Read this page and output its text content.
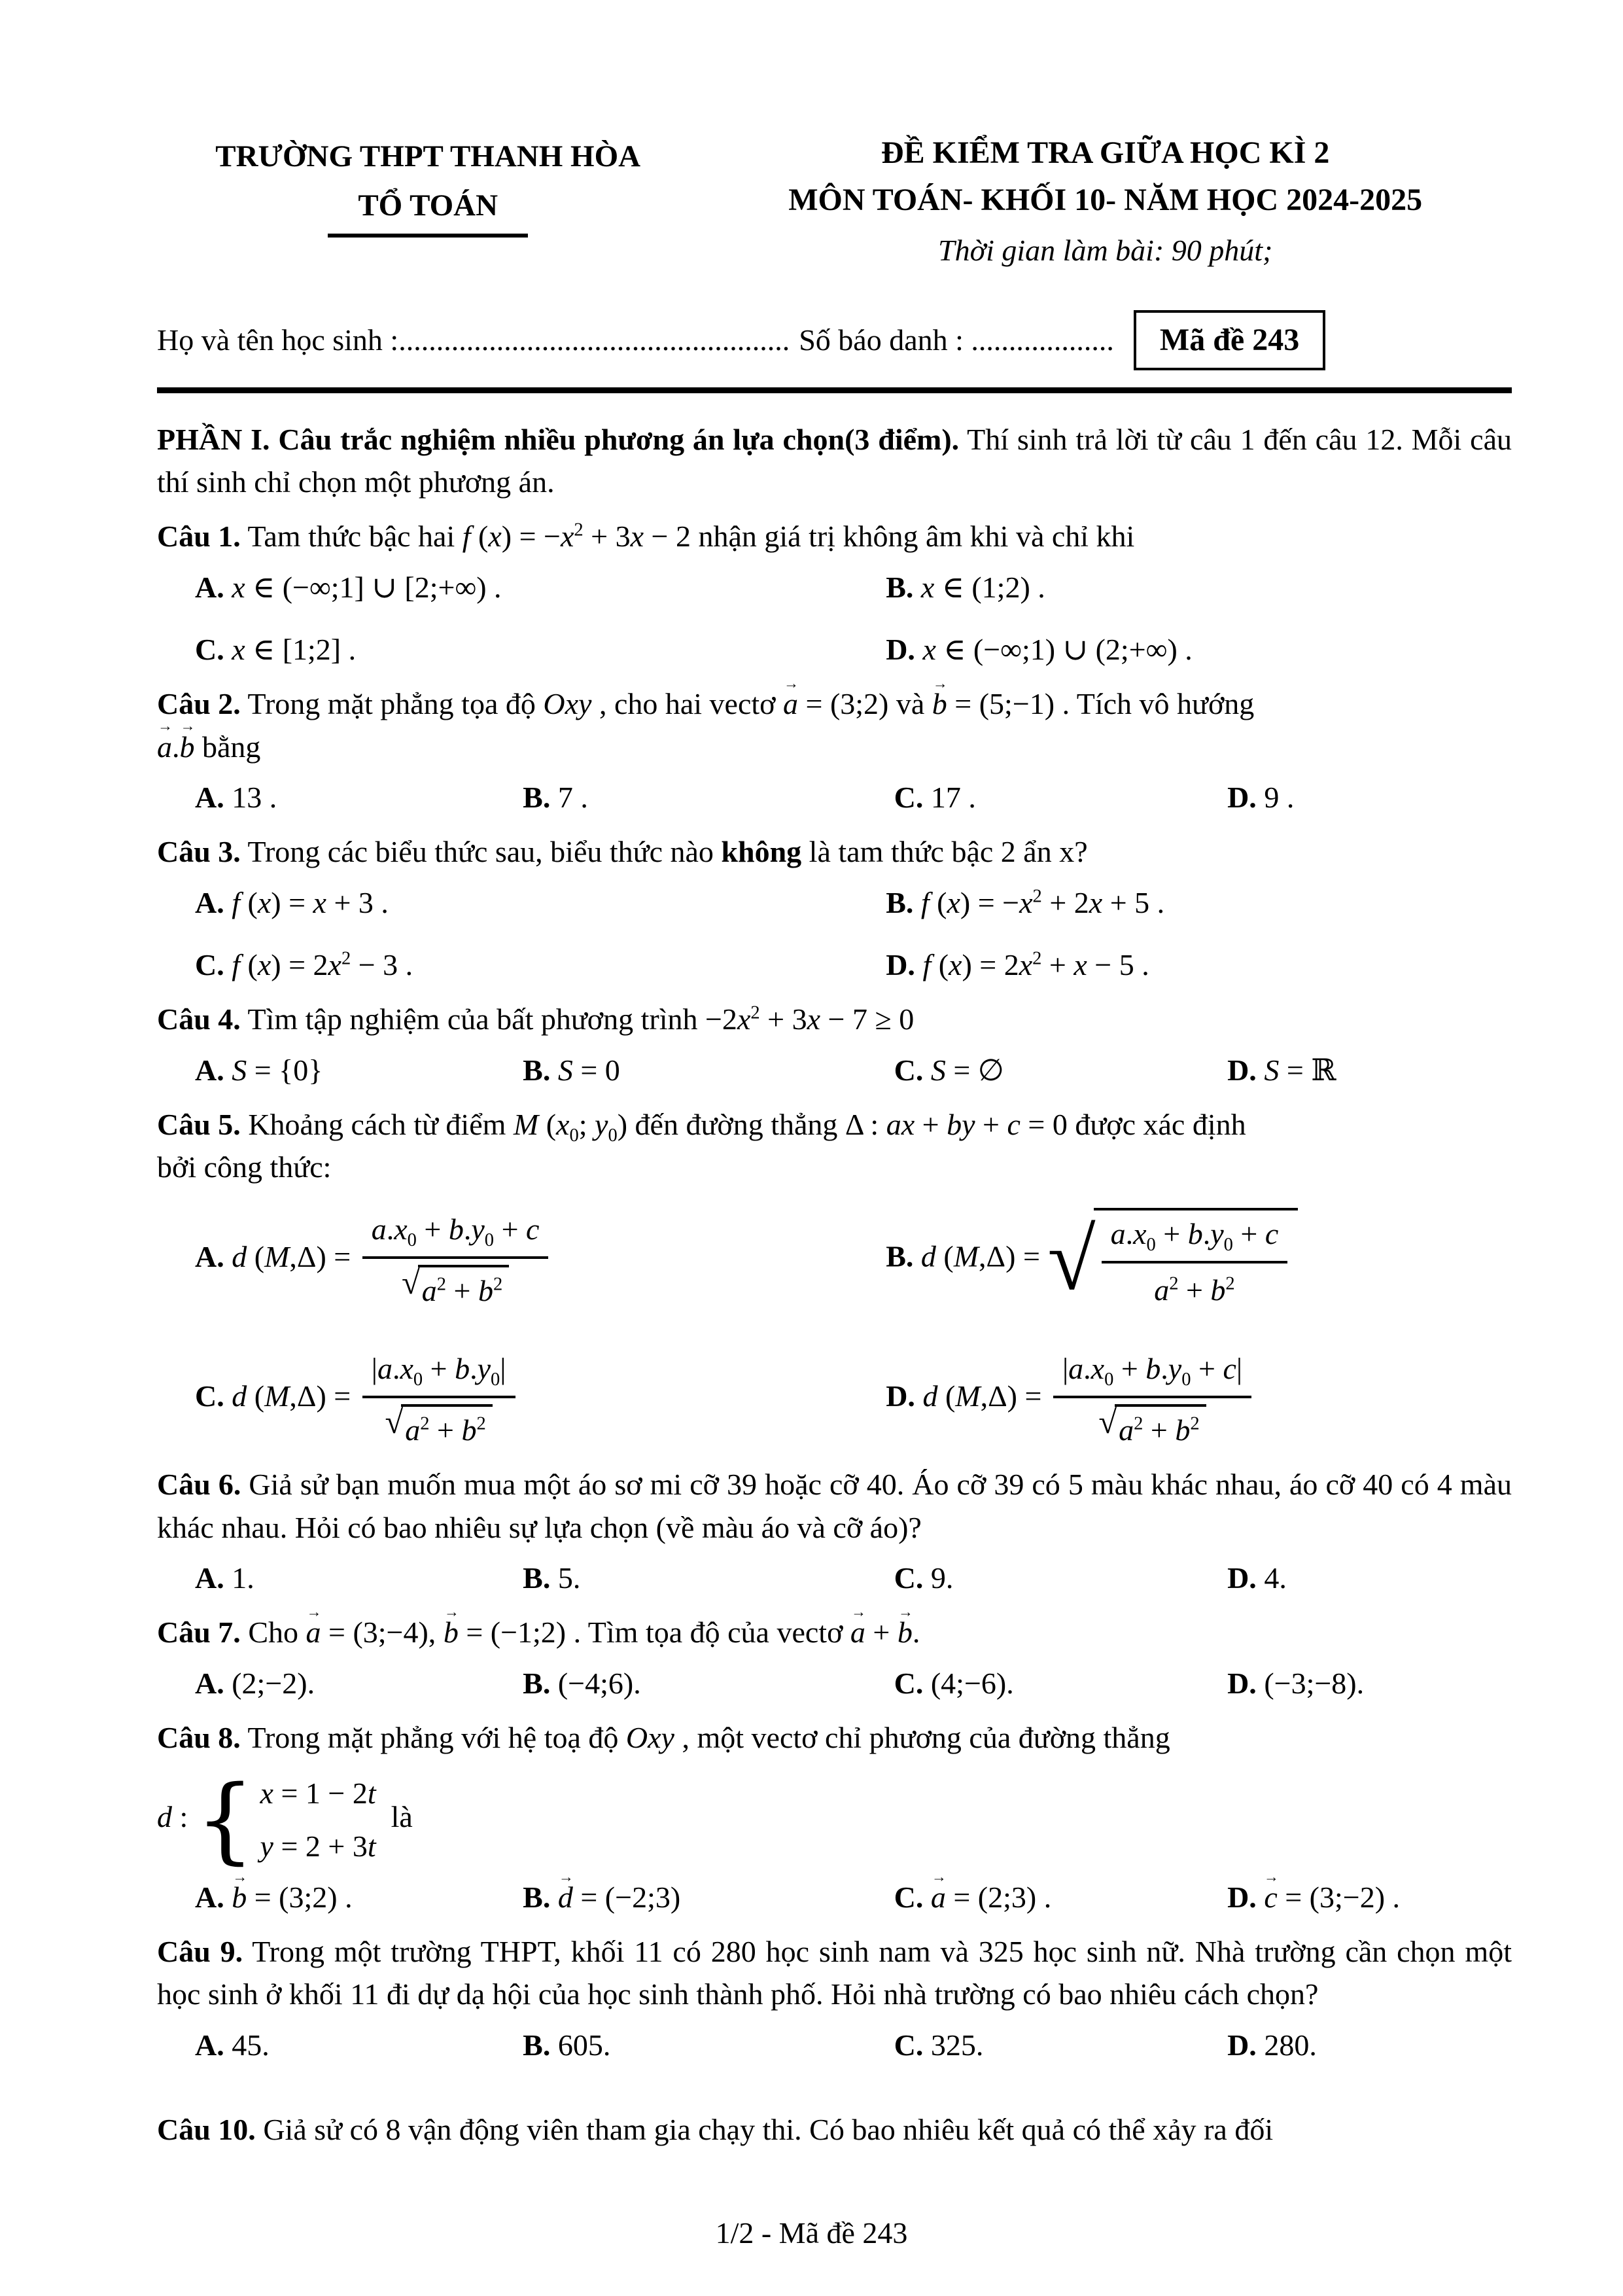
TRƯỜNG THPT THANH HÒA
TỔ TOÁN
ĐỀ KIỂM TRA GIỮA HỌC KÌ 2
MÔN TOÁN- KHỐI 10- NĂM HỌC 2024-2025
Thời gian làm bài: 90 phút;
Họ và tên học sinh :.................................................... Số báo danh : ...................	Mã đề 243

PHẦN I. Câu trắc nghiệm nhiều phương án lựa chọn(3 điểm). Thí sinh trả lời từ câu 1 đến câu 12. Mỗi câu thí sinh chỉ chọn một phương án.

Câu 1. Tam thức bậc hai f $(x) = -x^2 + 3x - 2$ nhận giá trị không âm khi và chỉ khi

A. x ∈ (−∞;1] ∪ [2;+∞) .	B. x ∈ (1;2) .
C. x ∈ [1;2] .	D. x ∈ (−∞;1) ∪ (2;+∞) .

Câu 2. Trong mặt phẳng tọa độ Oxy , cho hai vectơ a → = (3;2) và b → = (5;−1) . Tích vô hướng
a →.b → bằng

A. 13 .	B. 7 .	C. 17 .	D. 9 .

Câu 3. Trong các biểu thức sau, biểu thức nào không là tam thức bậc 2 ẩn x?

A. f (x) = x + 3 .	B. f $(x) = -x^2 + 2x + 5$ .
C. f $(x) = 2x^2 - 3$ .	D. f $(x) = 2x^2 + x - 5$ .

Câu 4. Tìm tập nghiệm của bất phương trình $-2x^2 + 3x - 7 \ge 0$

A. S = {0}	B. S = 0	C. S = ∅	D. S = ℝ

Câu 5. Khoảng cách từ điểm M ($x_0$; $y_0$) đến đường thẳng Δ : ax + by + c = 0 được xác định
bởi công thức:

A. d $(M,\Delta) = \frac{a.x_0 + b.y_0 + c}{√ a^2 + b^2}$	B. d (M,Δ) = √ $\frac{a.x_0 + b.y_0 + c}{a^2 + b^2}$
C. d $(M,\Delta) = \frac{|a.x_0 + b.y_0|}{√ a^2 + b^2}$	D. d $(M,\Delta) = \frac{|a.x_0 + b.y_0 + c|}{√ a^2 + b^2}$

Câu 6. Giả sử bạn muốn mua một áo sơ mi cỡ 39 hoặc cỡ 40. Áo cỡ 39 có 5 màu khác nhau, áo cỡ 40 có 4 màu khác nhau. Hỏi có bao nhiêu sự lựa chọn (về màu áo và cỡ áo)?

A. 1.	B. 5.	C. 9.	D. 4.

Câu 7. Cho a → = (3;−4), b → = (−1;2) . Tìm tọa độ của vectơ a → + b →.

A. (2;−2).	B. (−4;6).	C. (4;−6).	D. (−3;−8).

Câu 8. Trong mặt phẳng với hệ toạ độ Oxy , một vectơ chỉ phương của đường thẳng

d : { x = 1 − 2t
y = 2 + 3t
là
A. b → = (3;2) .	B. d → = (−2;3)	C. a → = (2;3) .	D. c → = (3;−2) .

Câu 9. Trong một trường THPT, khối 11 có 280 học sinh nam và 325 học sinh nữ. Nhà trường cần chọn một học sinh ở khối 11 đi dự dạ hội của học sinh thành phố. Hỏi nhà trường có bao nhiêu cách chọn?

A. 45.	B. 605.	C. 325.	D. 280.

Câu 10. Giả sử có 8 vận động viên tham gia chạy thi. Có bao nhiêu kết quả có thể xảy ra đối

1/2 - Mã đề 243
